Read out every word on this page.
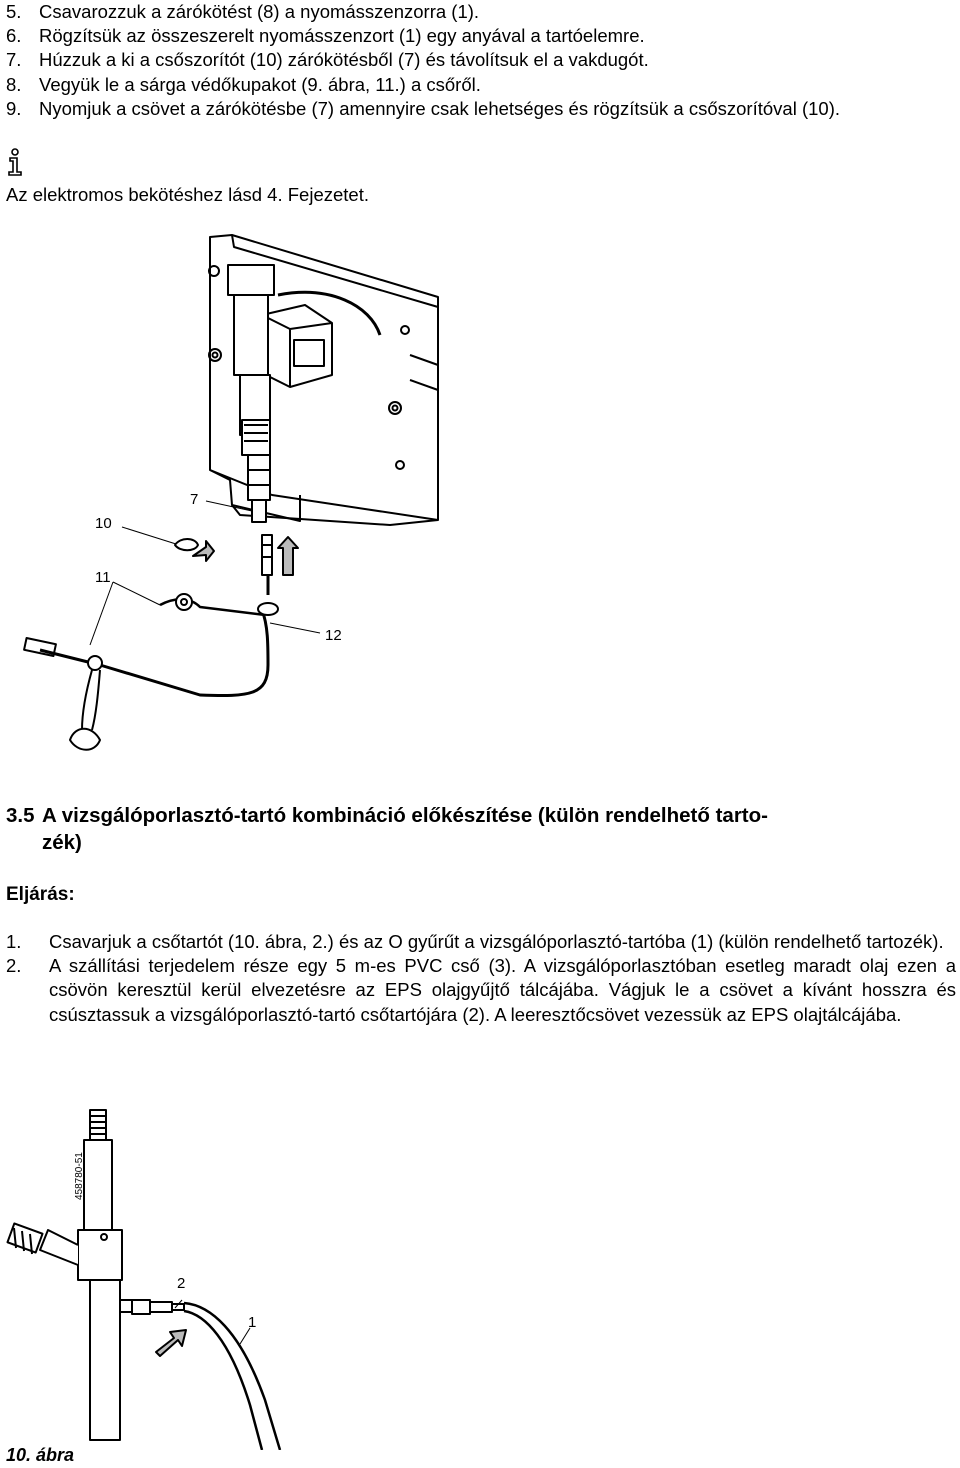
5. Csavarozzuk a zárókötést (8) a nyomásszenzorra (1).
6. Rögzítsük az összeszerelt nyomásszenzort (1) egy anyával a tartóelemre.
7. Húzzuk a ki a csőszorítót (10) zárókötésből (7) és távolítsuk el a vakdugót.
8. Vegyük le a sárga védőkupakot (9. ábra, 11.) a csőről.
9. Nyomjuk a csövet a zárókötésbe (7) amennyire csak lehetséges és rögzítsük a csőszorítóval (10).
Az elektromos bekötéshez lásd 4. Fejezetet.
7
10
11
12
3.5 A vizsgálóporlasztó-tartó kombináció előkészítése (külön rendelhető tarto-
zék)
Eljárás:
1.	Csavarjuk a csőtartót (10. ábra, 2.) és az O gyűrűt a vizsgálóporlasztó-tartóba (1) (külön rendelhető tartozék).
2.	A szállítási terjedelem része egy 5 m-es PVC cső (3). A vizsgálóporlasztóban esetleg maradt olaj ezen a csövön keresztül kerül elvezetésre az EPS olajgyűjtő tálcájába. Vágjuk le a csövet a kívánt hosszra és csúsztassuk a vizsgálóporlasztó-tartó csőtartójára (2). A leeresztőcsövet vezessük az EPS olajtálcájába.
458780-51
2
1
10. ábra
